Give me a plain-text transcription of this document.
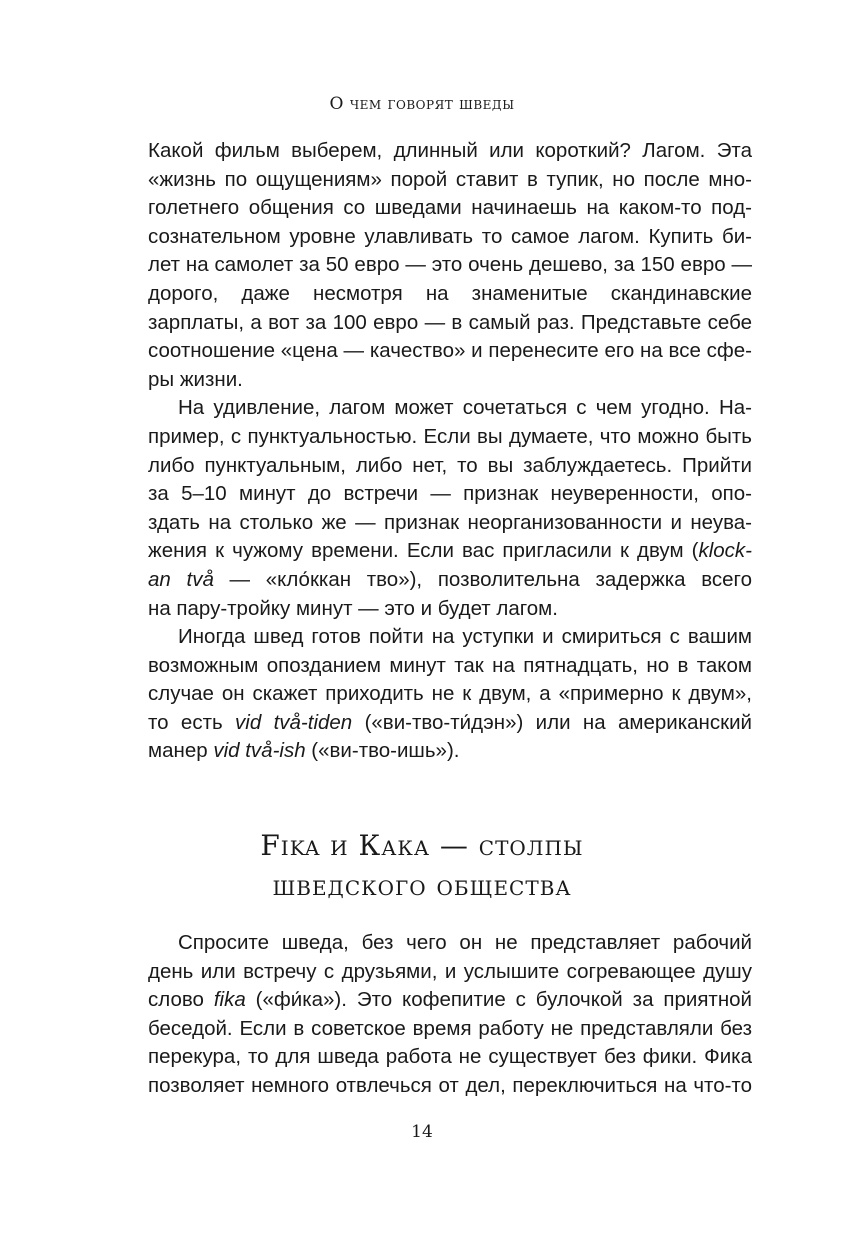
О чем говорят шведы

Какой фильм выберем, длинный или короткий? Лагом. Эта
«жизнь по ощущениям» порой ставит в тупик, но после мно-
голетнего общения со шведами начинаешь на каком-то под-
сознательном уровне улавливать то самое лагом. Купить би-
лет на самолет за 50 евро — это очень дешево, за 150 евро —
дорого, даже несмотря на знаменитые скандинавские
зарплаты, а вот за 100 евро — в самый раз. Представьте себе
соотношение «цена — качество» и перенесите его на все сфе-
ры жизни.

На удивление, лагом может сочетаться с чем угодно. На-
пример, с пунктуальностью. Если вы думаете, что можно быть
либо пунктуальным, либо нет, то вы заблуждаетесь. Прийти
за 5–10 минут до встречи — признак неуверенности, опо-
здать на столько же — признак неорганизованности и неува-
жения к чужому времени. Если вас пригласили к двум (klock-
an två — «кло́ккан тво»), позволительна задержка всего
на пару-тройку минут — это и будет лагом.

Иногда швед готов пойти на уступки и смириться с вашим
возможным опозданием минут так на пятнадцать, но в таком
случае он скажет приходить не к двум, а «примерно к двум»,
то есть vid två-tiden («ви-тво-ти́дэн») или на американский
манер vid två-ish («ви-тво-ишь»).

Fika и Кака — столпы
шведского общества

Спросите шведа, без чего он не представляет рабочий
день или встречу с друзьями, и услышите согревающее душу
слово fika («фи́ка»). Это кофепитие с булочкой за приятной
беседой. Если в советское время работу не представляли без
перекура, то для шведа работа не существует без фики. Фика
позволяет немного отвлечься от дел, переключиться на что-то

14
